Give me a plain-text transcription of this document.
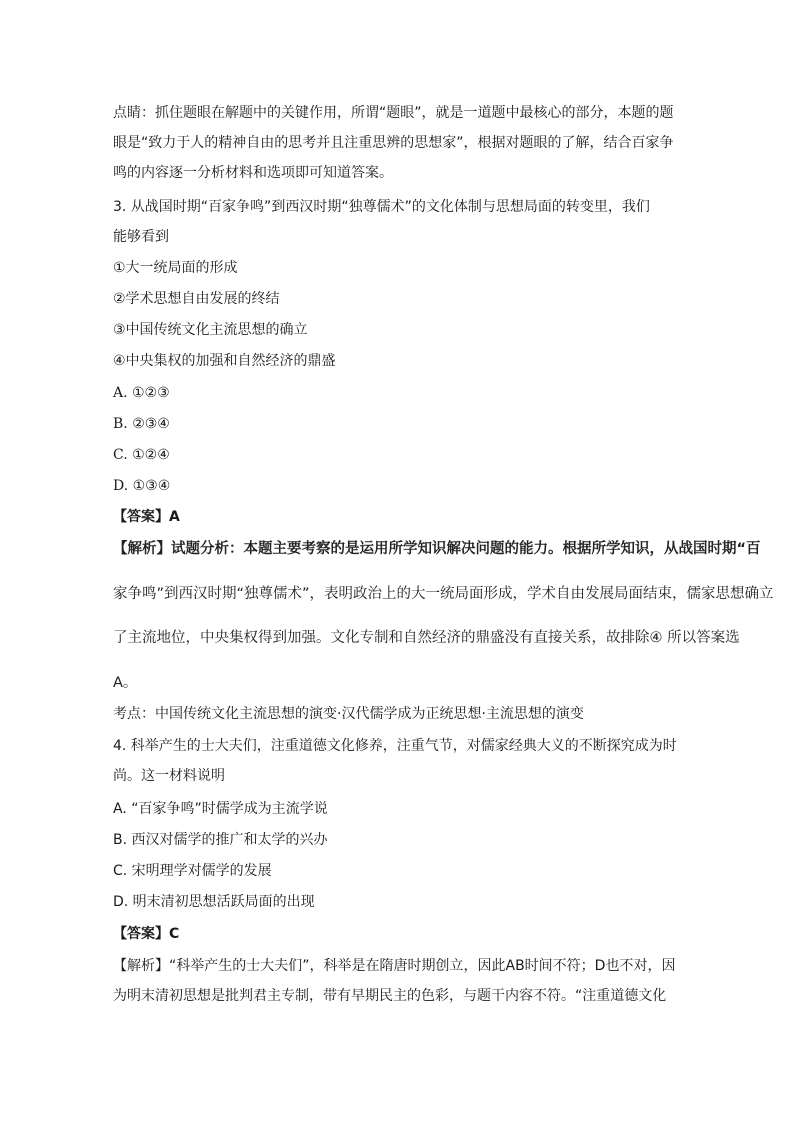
点睛：抓住题眼在解题中的关键作用，所谓“题眼”，就是一道题中最核心的部分，本题的题
眼是“致力于人的精神自由的思考并且注重思辨的思想家”，根据对题眼的了解，结合百家争
鸣的内容逐一分析材料和选项即可知道答案。
3. 从战国时期“百家争鸣”到西汉时期“独尊儒术”的文化体制与思想局面的转变里，我们
能够看到
①大一统局面的形成
②学术思想自由发展的终结
③中国传统文化主流思想的确立
④中央集权的加强和自然经济的鼎盛
A. ①②③
B. ②③④
C. ①②④
D. ①③④
【答案】A
【解析】试题分析：本题主要考察的是运用所学知识解决问题的能力。根据所学知识，从战国时期“百
家争鸣”到西汉时期“独尊儒术”，表明政治上的大一统局面形成，学术自由发展局面结束，儒家思想确立
了主流地位，中央集权得到加强。文化专制和自然经济的鼎盛没有直接关系，故排除④ 所以答案选
A。
考点：中国传统文化主流思想的演变·汉代儒学成为正统思想·主流思想的演变
4. 科举产生的士大夫们，注重道德文化修养，注重气节，对儒家经典大义的不断探究成为时
尚。这一材料说明
A. “百家争鸣”时儒学成为主流学说
B. 西汉对儒学的推广和太学的兴办
C. 宋明理学对儒学的发展
D. 明末清初思想活跃局面的出现
【答案】C
【解析】“科举产生的士大夫们”，科举是在隋唐时期创立，因此AB时间不符；D也不对，因
为明末清初思想是批判君主专制，带有早期民主的色彩，与题干内容不符。“注重道德文化
